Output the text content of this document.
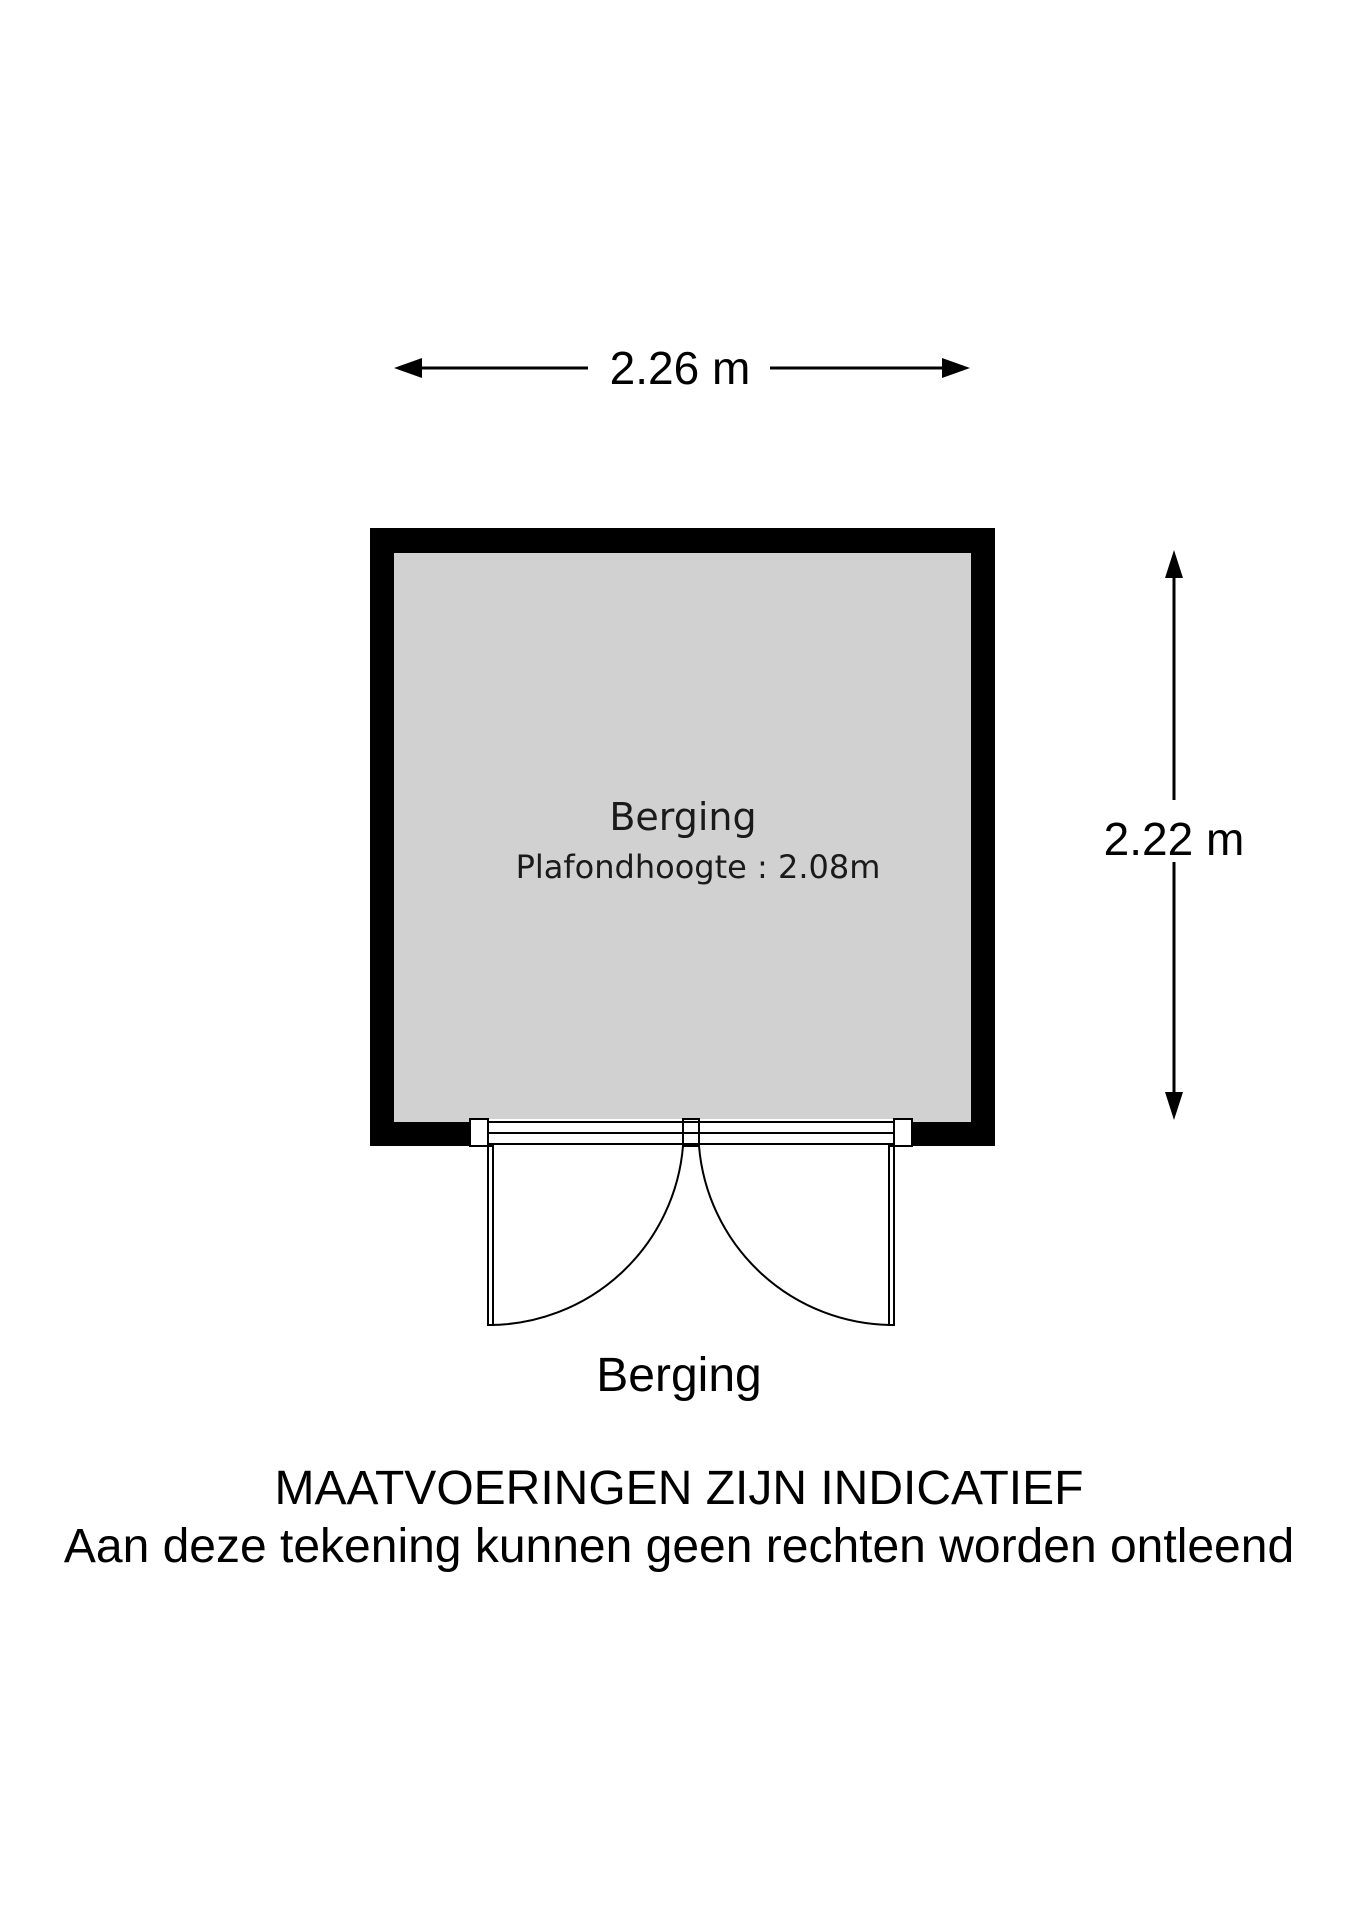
2.26 m
2.22 m
Berging
Plafondhoogte : 2.08m
Berging
MAATVOERINGEN ZIJN INDICATIEF
Aan deze tekening kunnen geen rechten worden ontleend
